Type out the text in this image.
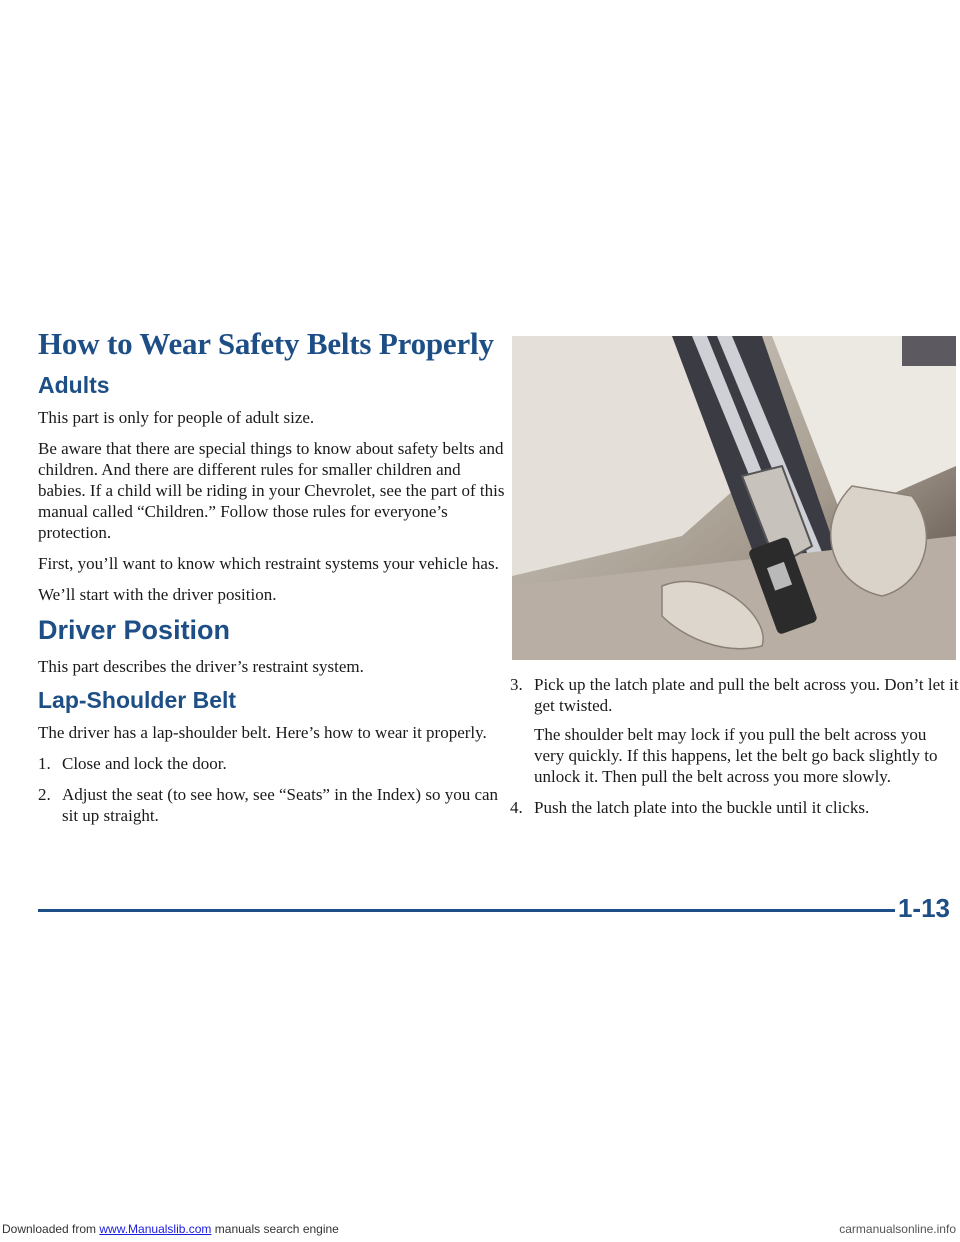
How to Wear Safety Belts Properly
Adults

This part is only for people of adult size.

Be aware that there are special things to know about safety belts and children. And there are different rules for smaller children and babies. If a child will be riding in your Chevrolet, see the part of this manual called “Children.” Follow those rules for everyone’s protection.

First, you’ll want to know which restraint systems your vehicle has.

We’ll start with the driver position.

Driver Position

This part describes the driver’s restraint system.

Lap-Shoulder Belt

The driver has a lap-shoulder belt. Here’s how to wear it properly.

1. Close and lock the door.
2. Adjust the seat (to see how, see “Seats” in the Index) so you can sit up straight.
3. Pick up the latch plate and pull the belt across you. Don’t let it get twisted.

The shoulder belt may lock if you pull the belt across you very quickly. If this happens, let the belt go back slightly to unlock it. Then pull the belt across you more slowly.

4. Push the latch plate into the buckle until it clicks.
1-13
Downloaded from www.Manualslib.com manuals search engine	carmanualsonline.info
